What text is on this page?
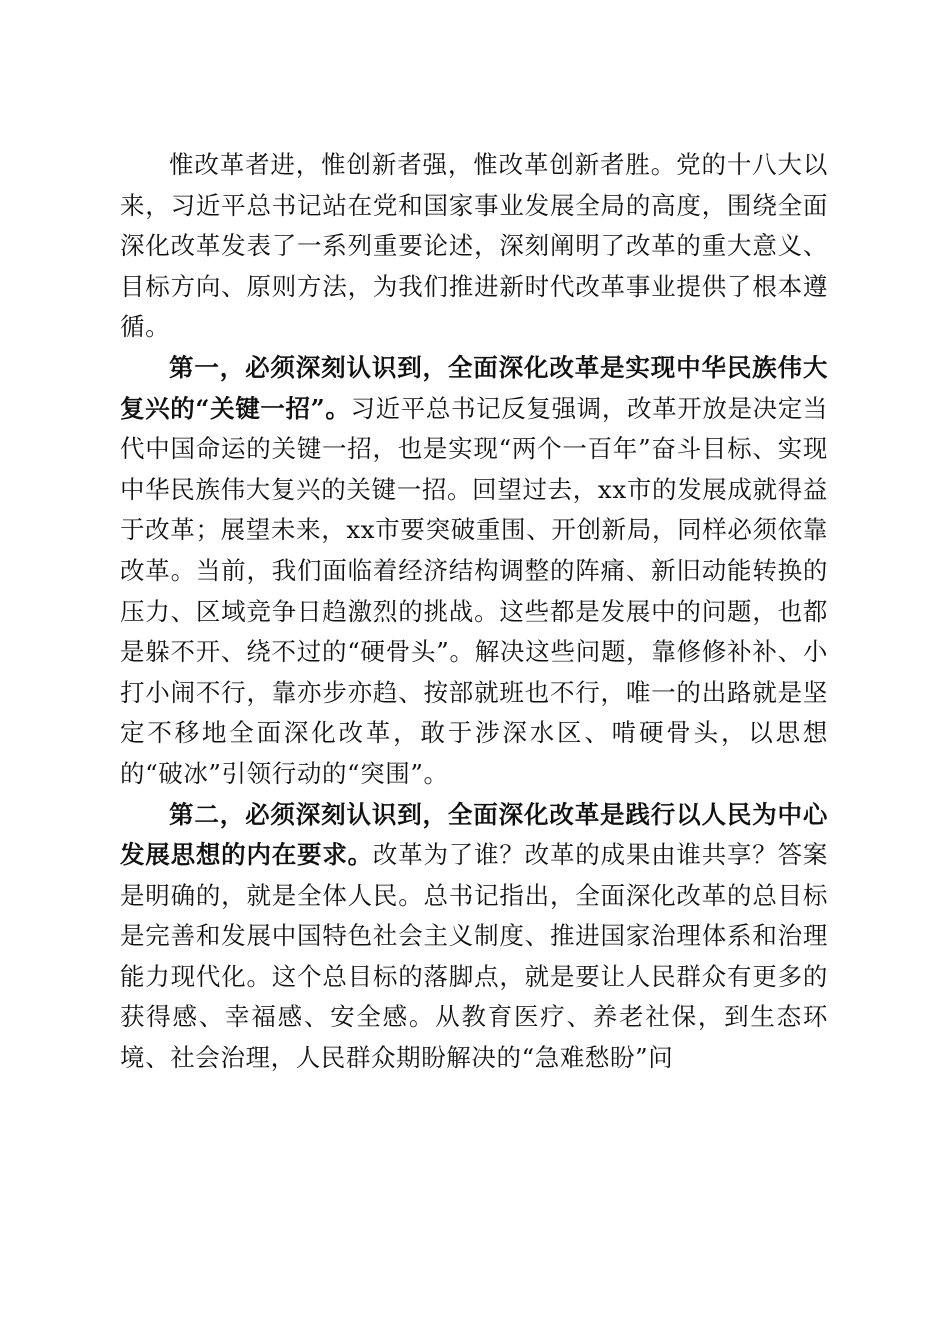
惟改革者进，惟创新者强，惟改革创新者胜。党的十八大以来，习近平总书记站在党和国家事业发展全局的高度，围绕全面深化改革发表了一系列重要论述，深刻阐明了改革的重大意义、目标方向、原则方法，为我们推进新时代改革事业提供了根本遵循。

第一，必须深刻认识到，全面深化改革是实现中华民族伟大复兴的“关键一招”。习近平总书记反复强调，改革开放是决定当代中国命运的关键一招，也是实现“两个一百年”奋斗目标、实现中华民族伟大复兴的关键一招。回望过去，xx市的发展成就得益于改革；展望未来，xx市要突破重围、开创新局，同样必须依靠改革。当前，我们面临着经济结构调整的阵痛、新旧动能转换的压力、区域竞争日趋激烈的挑战。这些都是发展中的问题，也都是躲不开、绕不过的“硬骨头”。解决这些问题，靠修修补补、小打小闹不行，靠亦步亦趋、按部就班也不行，唯一的出路就是坚定不移地全面深化改革，敢于涉深水区、啃硬骨头，以思想的“破冰”引领行动的“突围”。

第二，必须深刻认识到，全面深化改革是践行以人民为中心发展思想的内在要求。改革为了谁？改革的成果由谁共享？答案是明确的，就是全体人民。总书记指出，全面深化改革的总目标是完善和发展中国特色社会主义制度、推进国家治理体系和治理能力现代化。这个总目标的落脚点，就是要让人民群众有更多的获得感、幸福感、安全感。从教育医疗、养老社保，到生态环境、社会治理，人民群众期盼解决的“急难愁盼”问
